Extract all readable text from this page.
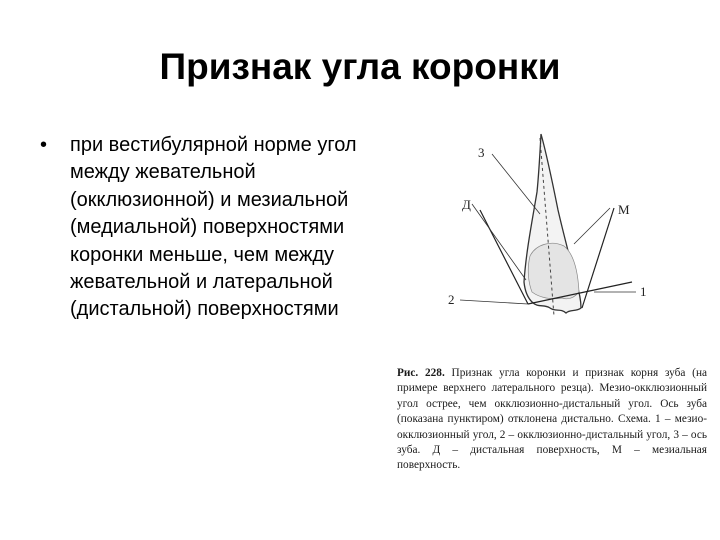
Признак угла коронки
• при вестибулярной норме угол между жевательной (окклюзионной) и мезиальной (медиальной) поверхностями коронки меньше, чем между жевательной и латеральной (дистальной) поверхностями
3
Д	М
2
1
Рис. 228. Признак угла коронки и признак корня зуба (на примере верхнего латерального резца). Мезио-окклюзионный угол острее, чем окклюзионно-дистальный угол. Ось зуба (показана пунктиром) отклонена дистально. Схема. 1 – мезио-окклюзионный угол, 2 – окклюзионно-дистальный угол, 3 – ось зуба. Д – дистальная поверхность, М – мезиальная поверхность.
